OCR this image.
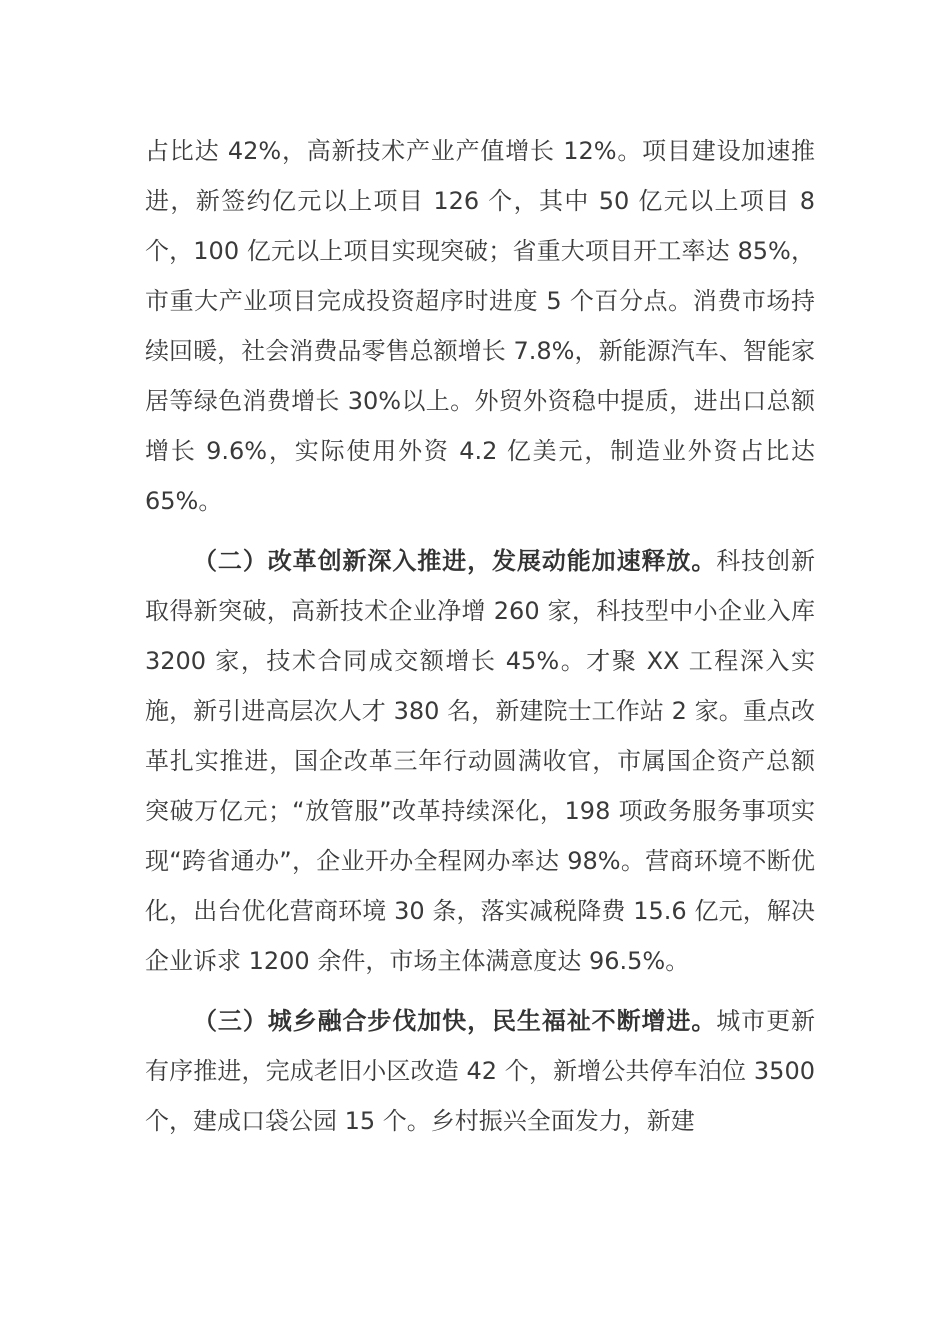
占比达 42%，高新技术产业产值增长 12%。项目建设加速推进，新签约亿元以上项目 126 个，其中 50 亿元以上项目 8 个，100 亿元以上项目实现突破；省重大项目开工率达 85%，市重大产业项目完成投资超序时进度 5 个百分点。消费市场持续回暖，社会消费品零售总额增长 7.8%，新能源汽车、智能家居等绿色消费增长 30%以上。外贸外资稳中提质，进出口总额增长 9.6%，实际使用外资 4.2 亿美元，制造业外资占比达 65%。

（二）改革创新深入推进，发展动能加速释放。科技创新取得新突破，高新技术企业净增 260 家，科技型中小企业入库 3200 家，技术合同成交额增长 45%。才聚 XX 工程深入实施，新引进高层次人才 380 名，新建院士工作站 2 家。重点改革扎实推进，国企改革三年行动圆满收官，市属国企资产总额突破万亿元；“放管服”改革持续深化，198 项政务服务事项实现“跨省通办”，企业开办全程网办率达 98%。营商环境不断优化，出台优化营商环境 30 条，落实减税降费 15.6 亿元，解决企业诉求 1200 余件，市场主体满意度达 96.5%。

（三）城乡融合步伐加快，民生福祉不断增进。城市更新有序推进，完成老旧小区改造 42 个，新增公共停车泊位 3500 个，建成口袋公园 15 个。乡村振兴全面发力，新建
